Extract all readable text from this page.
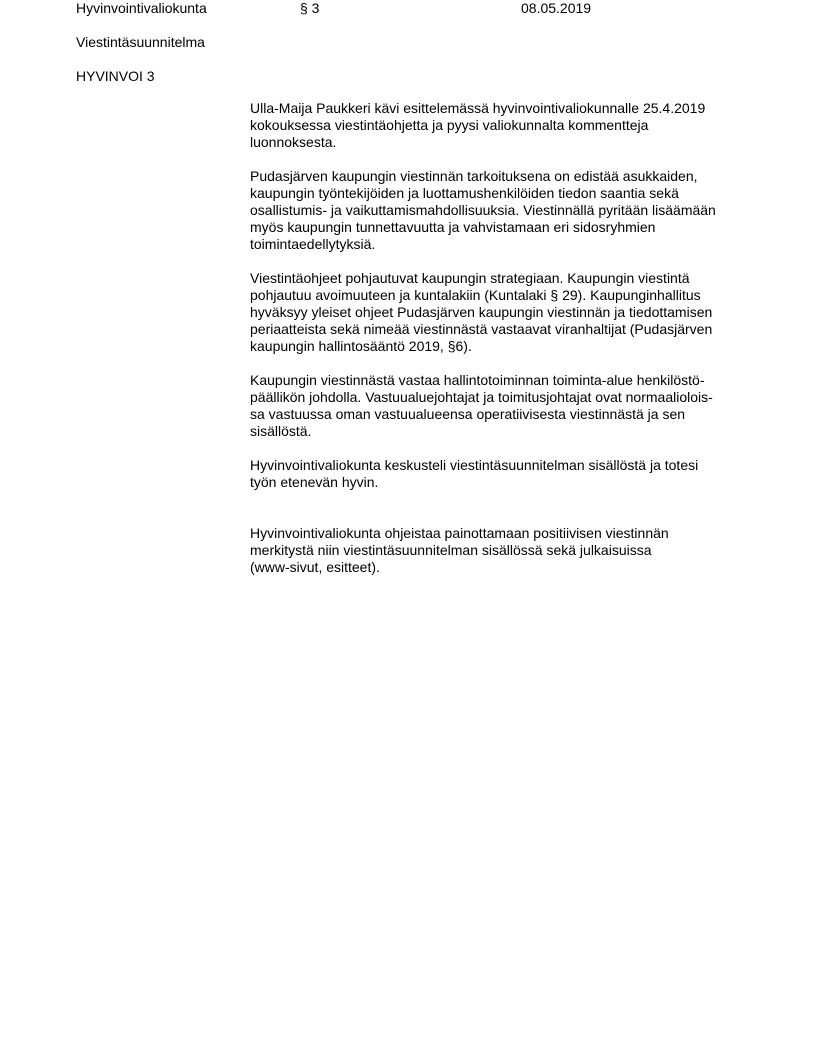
Hyvinvointivaliokunta	§ 3	08.05.2019
Viestintäsuunnitelma
HYVINVOI 3

Ulla-Maija Paukkeri kävi esittelemässä hyvinvointivaliokunnalle 25.4.2019
kokouksessa viestintäohjetta ja pyysi valiokunnalta kommentteja
luonnoksesta.

Pudasjärven kaupungin viestinnän tarkoituksena on edistää asukkaiden,
kaupungin työntekijöiden ja luottamushenkilöiden tiedon saantia sekä
osallistumis- ja vaikuttamismahdollisuuksia. Viestinnällä pyritään lisäämään
myös kaupungin tunnettavuutta ja vahvistamaan eri sidosryhmien
toimintaedellytyksiä.

Viestintäohjeet pohjautuvat kaupungin strategiaan. Kaupungin viestintä
pohjautuu avoimuuteen ja kuntalakiin (Kuntalaki § 29). Kaupunginhallitus
hyväksyy yleiset ohjeet Pudasjärven kaupungin viestinnän ja tiedottamisen
periaatteista sekä nimeää viestinnästä vastaavat viranhaltijat (Pudasjärven
kaupungin hallintosääntö 2019, §6).

Kaupungin viestinnästä vastaa hallintotoiminnan toiminta-alue henkilöstö-
päällikön johdolla. Vastuualuejohtajat ja toimitusjohtajat ovat normaaliolois-
sa vastuussa oman vastuualueensa operatiivisesta viestinnästä ja sen
sisällöstä.

Hyvinvointivaliokunta keskusteli viestintäsuunnitelman sisällöstä ja totesi
työn etenevän hyvin.

Hyvinvointivaliokunta ohjeistaa painottamaan positiivisen viestinnän
merkitystä niin viestintäsuunnitelman sisällössä sekä julkaisuissa
(www-sivut, esitteet).
